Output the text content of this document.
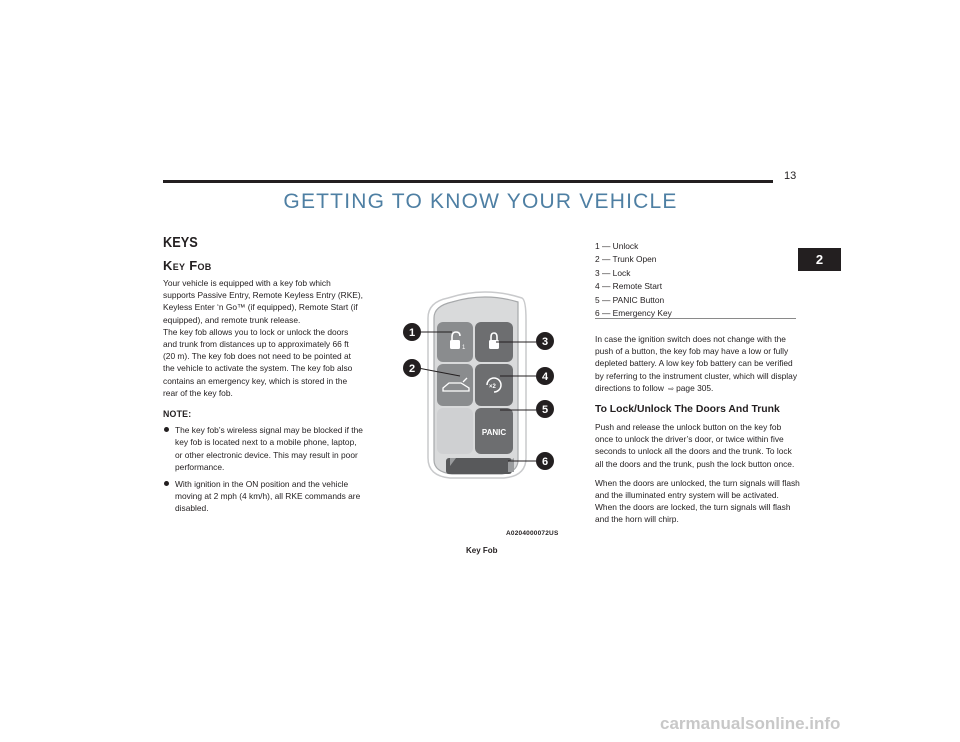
13
GETTING TO KNOW YOUR VEHICLE
2
KEYS
Key Fob

Your vehicle is equipped with a key fob which supports Passive Entry, Remote Keyless Entry (RKE), Keyless Enter ‘n Go™ (if equipped), Remote Start (if equipped), and remote trunk release.

The key fob allows you to lock or unlock the doors and trunk from distances up to approximately 66 ft (20 m). The key fob does not need to be pointed at the vehicle to activate the system. The key fob also contains an emergency key, which is stored in the rear of the key fob.

NOTE:
The key fob’s wireless signal may be blocked if the key fob is located next to a mobile phone, laptop, or other electronic device. This may result in poor performance.
With ignition in the ON position and the vehicle moving at 2 mph (4 km/h), all RKE commands are disabled.
1
×2
PANIC
1
2
3
4
5
6
A0204000072US
Key Fob
1 — Unlock
2 — Trunk Open
3 — Lock
4 — Remote Start
5 — PANIC Button
6 — Emergency Key

In case the ignition switch does not change with the push of a button, the key fob may have a low or fully depleted battery. A low key fob battery can be verified by referring to the instrument cluster, which will display directions to follow ⇨ page 305.

To Lock/Unlock The Doors And Trunk

Push and release the unlock button on the key fob once to unlock the driver’s door, or twice within five seconds to unlock all the doors and the trunk. To lock all the doors and the trunk, push the lock button once.

When the doors are unlocked, the turn signals will flash and the illuminated entry system will be activated. When the doors are locked, the turn signals will flash and the horn will chirp.

carmanualsonline.info
